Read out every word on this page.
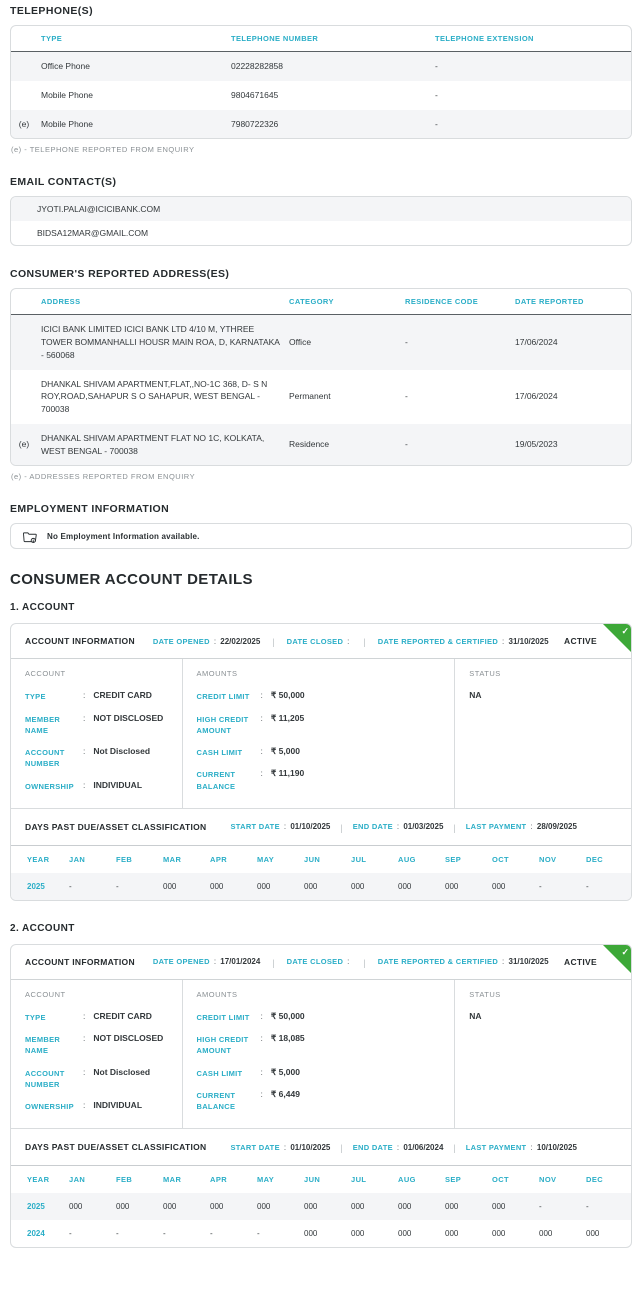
TELEPHONE(S)
	TYPE	TELEPHONE NUMBER	TELEPHONE EXTENSION
	Office Phone	02228282858	-
	Mobile Phone	9804671645	-
(e)	Mobile Phone	7980722326	-
(e) - TELEPHONE REPORTED FROM ENQUIRY
EMAIL CONTACT(S)
JYOTI.PALAI@ICICIBANK.COM
BIDSA12MAR@GMAIL.COM
CONSUMER'S REPORTED ADDRESS(ES)
	ADDRESS	CATEGORY	RESIDENCE CODE	DATE REPORTED
	ICICI BANK LIMITED ICICI BANK LTD 4/10 M, YTHREE TOWER BOMMANHALLI HOUSR MAIN ROA, D, KARNATAKA - 560068	Office	-	17/06/2024
	DHANKAL SHIVAM APARTMENT,FLAT,,NO-1C 368, D- S N ROY,ROAD,SAHAPUR S O SAHAPUR, WEST BENGAL - 700038	Permanent	-	17/06/2024
(e)	DHANKAL SHIVAM APARTMENT FLAT NO 1C, KOLKATA, WEST BENGAL - 700038	Residence	-	19/05/2023
(e) - ADDRESSES REPORTED FROM ENQUIRY
EMPLOYMENT INFORMATION
No Employment Information available.
CONSUMER ACCOUNT DETAILS
1. ACCOUNT
ACCOUNT INFORMATION DATE OPENED	: 22/02/2025 |	DATE CLOSED : |	DATE REPORTED & CERTIFIED	: 31/10/2025 ACTIVE
✓
ACCOUNT
TYPE	: CREDIT CARD
MEMBER NAME
: NOT DISCLOSED
ACCOUNT NUMBER
: Not Disclosed
OWNERSHIP	: INDIVIDUAL
AMOUNTS
CREDIT LIMIT	: ₹ 50,000
HIGH CREDIT AMOUNT
: ₹ 11,205
CASH LIMIT	: ₹ 5,000
CURRENT BALANCE
: ₹ 11,190
STATUS
NA
DAYS PAST DUE/ASSET CLASSIFICATION	START DATE	: 01/10/2025 |	END DATE	: 01/03/2025 |	LAST PAYMENT	: 28/09/2025
YEAR	JAN	FEB	MAR	APR	MAY	JUN	JUL	AUG	SEP	OCT	NOV	DEC
2025	-	-	000	000	000	000	000	000	000	000	-	-
2. ACCOUNT
ACCOUNT INFORMATION DATE OPENED	: 17/01/2024 |	DATE CLOSED : |	DATE REPORTED & CERTIFIED	: 31/10/2025 ACTIVE
✓
ACCOUNT
TYPE	: CREDIT CARD
MEMBER NAME
: NOT DISCLOSED
ACCOUNT NUMBER
: Not Disclosed
OWNERSHIP	: INDIVIDUAL
AMOUNTS
CREDIT LIMIT	: ₹ 50,000
HIGH CREDIT AMOUNT
: ₹ 18,085
CASH LIMIT	: ₹ 5,000
CURRENT BALANCE
: ₹ 6,449
STATUS
NA
DAYS PAST DUE/ASSET CLASSIFICATION	START DATE	: 01/10/2025 |	END DATE	: 01/06/2024 |	LAST PAYMENT	: 10/10/2025
YEAR	JAN	FEB	MAR	APR	MAY	JUN	JUL	AUG	SEP	OCT	NOV	DEC
2025	000	000	000	000	000	000	000	000	000	000	-	-
2024	-	-	-	-	-	000	000	000	000	000	000	000
